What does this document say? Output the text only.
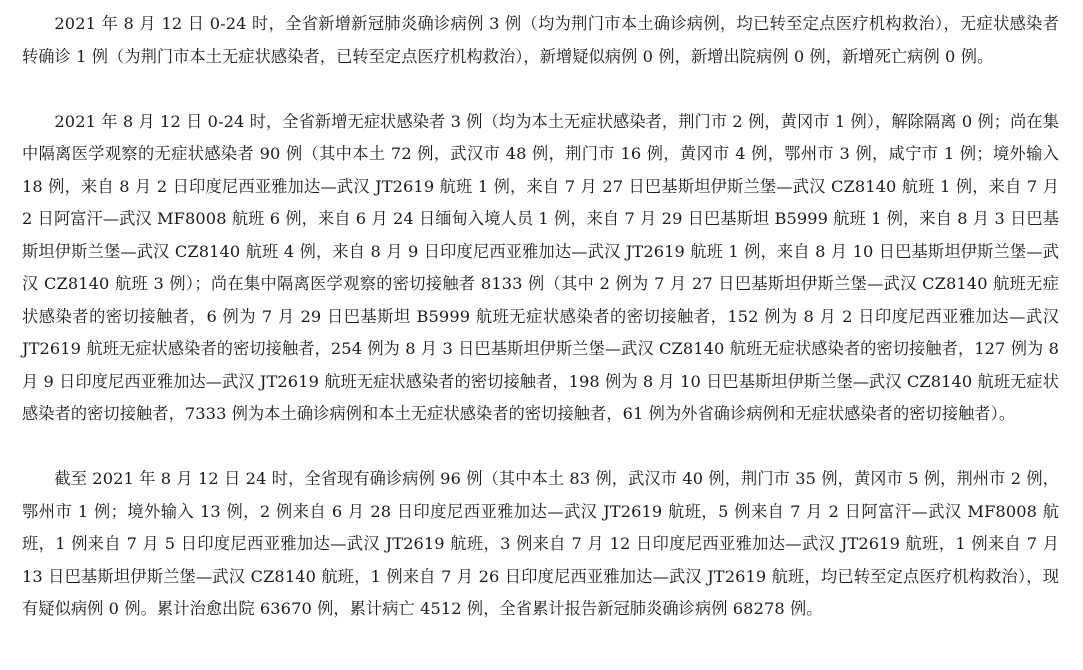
2021 年 8 月 12 日 0-24 时，全省新增新冠肺炎确诊病例 3 例（均为荆门市本土确诊病例，均已转至定点医疗机构救治），无症状感染者转确诊 1 例（为荆门市本土无症状感染者，已转至定点医疗机构救治），新增疑似病例 0 例，新增出院病例 0 例，新增死亡病例 0 例。

2021 年 8 月 12 日 0-24 时，全省新增无症状感染者 3 例（均为本土无症状感染者，荆门市 2 例，黄冈市 1 例），解除隔离 0 例；尚在集中隔离医学观察的无症状感染者 90 例（其中本土 72 例，武汉市 48 例，荆门市 16 例，黄冈市 4 例，鄂州市 3 例，咸宁市 1 例；境外输入 18 例，来自 8 月 2 日印度尼西亚雅加达—武汉 JT2619 航班 1 例，来自 7 月 27 日巴基斯坦伊斯兰堡—武汉 CZ8140 航班 1 例，来自 7 月 2 日阿富汗—武汉 MF8008 航班 6 例，来自 6 月 24 日缅甸入境人员 1 例，来自 7 月 29 日巴基斯坦 B5999 航班 1 例，来自 8 月 3 日巴基斯坦伊斯兰堡—武汉 CZ8140 航班 4 例，来自 8 月 9 日印度尼西亚雅加达—武汉 JT2619 航班 1 例，来自 8 月 10 日巴基斯坦伊斯兰堡—武汉 CZ8140 航班 3 例）；尚在集中隔离医学观察的密切接触者 8133 例（其中 2 例为 7 月 27 日巴基斯坦伊斯兰堡—武汉 CZ8140 航班无症状感染者的密切接触者，6 例为 7 月 29 日巴基斯坦 B5999 航班无症状感染者的密切接触者，152 例为 8 月 2 日印度尼西亚雅加达—武汉 JT2619 航班无症状感染者的密切接触者，254 例为 8 月 3 日巴基斯坦伊斯兰堡—武汉 CZ8140 航班无症状感染者的密切接触者，127 例为 8 月 9 日印度尼西亚雅加达—武汉 JT2619 航班无症状感染者的密切接触者，198 例为 8 月 10 日巴基斯坦伊斯兰堡—武汉 CZ8140 航班无症状感染者的密切接触者，7333 例为本土确诊病例和本土无症状感染者的密切接触者，61 例为外省确诊病例和无症状感染者的密切接触者）。

截至 2021 年 8 月 12 日 24 时，全省现有确诊病例 96 例（其中本土 83 例，武汉市 40 例，荆门市 35 例，黄冈市 5 例，荆州市 2 例，鄂州市 1 例；境外输入 13 例，2 例来自 6 月 28 日印度尼西亚雅加达—武汉 JT2619 航班，5 例来自 7 月 2 日阿富汗—武汉 MF8008 航班，1 例来自 7 月 5 日印度尼西亚雅加达—武汉 JT2619 航班，3 例来自 7 月 12 日印度尼西亚雅加达—武汉 JT2619 航班，1 例来自 7 月 13 日巴基斯坦伊斯兰堡—武汉 CZ8140 航班，1 例来自 7 月 26 日印度尼西亚雅加达—武汉 JT2619 航班，均已转至定点医疗机构救治），现有疑似病例 0 例。累计治愈出院 63670 例，累计病亡 4512 例，全省累计报告新冠肺炎确诊病例 68278 例。
